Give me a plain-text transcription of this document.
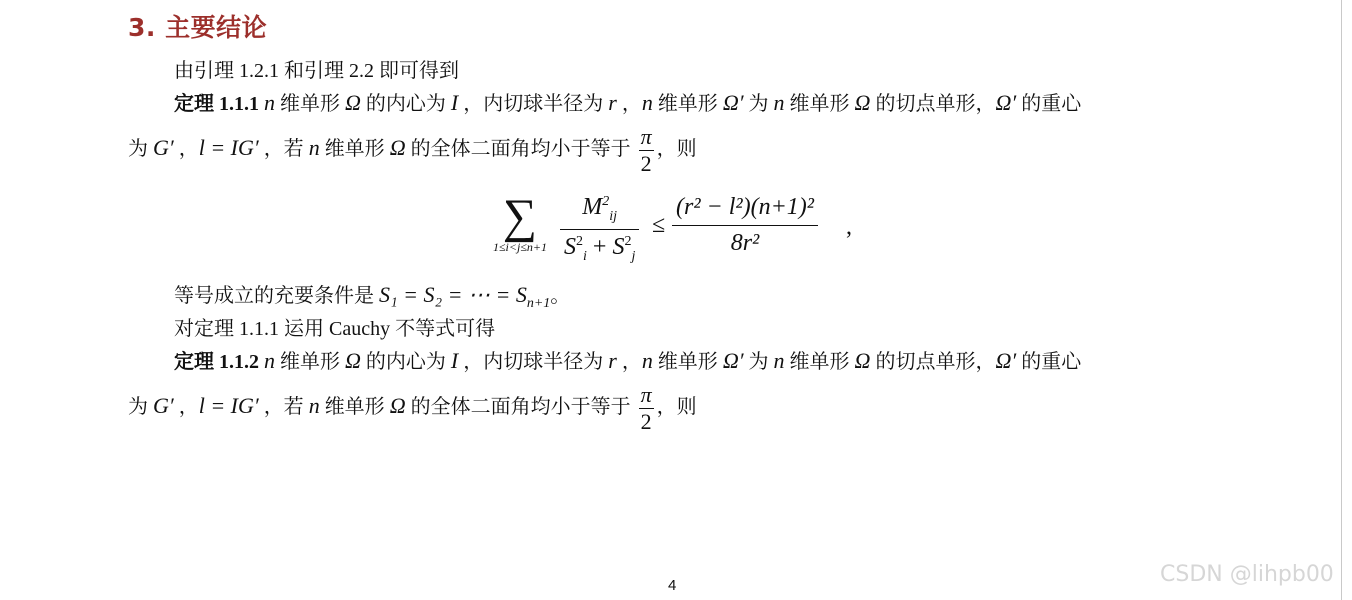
3. 主要结论
由引理 1.2.1 和引理 2.2 即可得到
定理 1.1.1 n 维单形 Ω 的内心为 I ，内切球半径为 r ，n 维单形 Ω′ 为 n 维单形 Ω 的切点单形，Ω′ 的重心
为 G′ ，l = IG′ ，若 n 维单形 Ω 的全体二面角均小于等于 $\frac{\pi}{2}$ ，则
∑
$1\le i<j\le n+1 \frac{M^2_{ij}}{S^2_i + S^2_j} \le \frac{\text{(r² − l²)(n+1)²}}{\text{8r²}}$ ,
等号成立的充要条件是 S₁ = S₂ = ⋯ = $S_{n+1}$。
对定理 1.1.1 运用 Cauchy 不等式可得
定理 1.1.2 n 维单形 Ω 的内心为 I ，内切球半径为 r ，n 维单形 Ω′ 为 n 维单形 Ω 的切点单形，Ω′ 的重心
为 G′ ，l = IG′ ，若 n 维单形 Ω 的全体二面角均小于等于 $\frac{\pi}{2}$ ，则
4	CSDN @lihpb00
